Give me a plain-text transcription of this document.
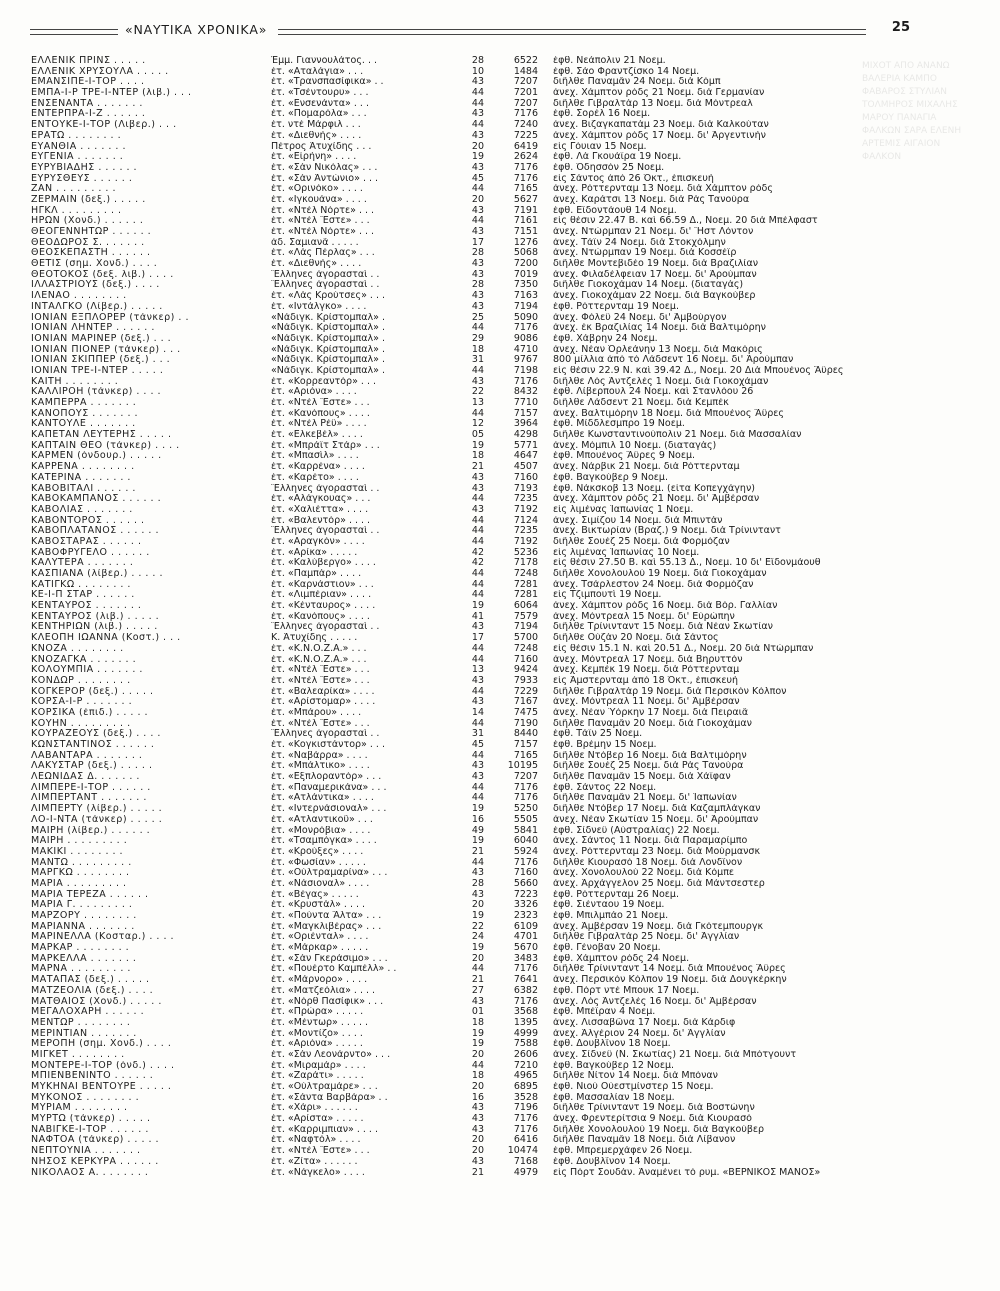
«ΝΑΥΤΙΚΑ ΧΡΟΝΙΚΑ»	25
ΜΙΧΟΤ ΑΠΟ ΑΝΑΝΩ ΒΑΛΕΡΙΑ ΚΑΜΠΟ ΦΑΒΑΡΟΣ ΣΤΥΛΙΑΝ ΤΟΛΜΗΡΟΣ ΜΙΧΑΛΗΣ ΜΑΡΟΥ ΠΑΝΑΓΙΑ ΦΑΛΚΩΝ ΣΑΡΑ ΕΛΕΝΗ ΑΡΤΕΜΙΣ ΑΙΓΑΙΟΝ ΦΑΛΚΟΝ
ΕΛΛΕΝΙΚ ΠΡΙΝΣ . . . . .	Έμμ. Γιαννουλάτος. . .	28	6522 ἐφθ. Νεάπολιν 21 Νοεμ.
ΕΛΛΕΝΙΚ ΧΡΥΣΟΥΛΑ . . . . .	ἐτ. «Αταλάγια» . . .	10	1484 ἐφθ. Σάο Φραντζίσκο 14 Νοεμ.
ΕΜΑΝΣΙΠΕ-Ι-ΤΟΡ . . . .	ἐτ. «Τρανσπασίφικα» . .	43	7207 διῆλθε Παναμᾶν 24 Νοεμ. διὰ Κὸμπ
ΕΜΠΑ-Ι-Ρ ΤΡΕ-Ι-ΝΤΕΡ (λιβ.) . . .	ἐτ. «Τσέντουρυ» . . .	44	7201 ἀνεχ. Χάμπτον ρὸδς 21 Νοεμ. διὰ Γερμανίαν
ΕΝΣΕΝΑΝΤΑ . . . . . . .	ἐτ. «Ενσενάντα» . . .	44	7207 διῆλθε Γιβραλτὰρ 13 Νοεμ. διὰ Μόντρεαλ
ΕΝΤΕΡΠΡΑ-Ι-Ζ . . . . . .	ἐτ. «Πομαρόλα» . . .	43	7176 ἐφθ. Σορέλ 16 Νοεμ.
ΕΝΤΟΥΚΕ-Ι-ΤΟΡ (Λιβερ.) . . .	ἐτ. ντὲ Μάρφιλ . . .	44	7240 ἀνεχ. Βιζαγκαπατὰμ 23 Νοεμ. διὰ Καλκούταν
ΕΡΑΤΩ . . . . . . . .	ἐτ. «Διεθνής» . . . .	43	7225 ἀνεχ. Χάμπτον ρὸδς 17 Νοεμ. δι' Ἀργεντινὴν
ΕΥΑΝΘΙΑ . . . . . . .	Πέτρος Ἀτυχίδης . . .	20	6419 εἰς Γόυιαν 15 Νοεμ.
ΕΥΓΕΝΙΑ . . . . . . .	ἐτ. «Εἰρήνη» . . . .	19	2624 ἐφθ. Λὰ Γκουάϊρα 19 Νοεμ.
ΕΥΡΥΒΙΑΔΗΣ . . . . . .	ἐτ. «Σὰν Νικόλας» . . .	43	7176 ἐφθ. Ὀδησσὸν 25 Νοεμ.
ΕΥΡΥΣΘΕΥΣ . . . . . .	ἐτ. «Σὰν Ἀντώνιο» . . .	45	7176 εἰς Σάντος ἀπὸ 26 Ὀκτ., ἐπισκευὴ
ΖΑΝ . . . . . . . . .	ἐτ. «Ορινόκο» . . . .	44	7165 ἀνεχ. Ρόττερνταμ 13 Νοεμ. διὰ Χάμπτον ρὸδς
ΖΕΡΜΑΙΝ (δεξ.) . . . . .	ἐτ. «Ιγκουάνα» . . . .	20	5627 ἀνεχ. Καράτσι 13 Νοεμ. διὰ Ρὰς Τανούρα
ΗΓΚΛ . . . . . . . . .	ἐτ. «Ντὲλ Νόρτε» . . .	43	7191 ἐφθ. Εἴδοντάουθ 14 Νοεμ.
ΗΡΩΝ (Χονδ.) . . . . . .	ἐτ. «Ντὲλ Ἔστε» . . .	44	7161 εἰς θέσιν 22.47 Β. καὶ 66.59 Δ., Νοεμ. 20 διὰ Μπέλφαστ
ΘΕΟΓΕΝΝΗΤΩΡ . . . . . .	ἐτ. «Ντὲλ Νόρτε» . . .	43	7151 ἀνεχ. Ντώρμπαν 21 Νοεμ. δι' Ἤστ Λόντον
ΘΕΟΔΩΡΟΣ Σ. . . . . . .	ἀδ. Σαμιανᾶ . . . . .	17	1276 ἀνεχ. Τάϊν 24 Νοεμ. διὰ Στοκχόλμην
ΘΕΟΣΚΕΠΑΣΤΗ . . . . . .	ἐτ. «Λὰς Πέρλας» . . .	28	5068 ἀνεχ. Ντώρμπαν 19 Νοεμ. διὰ Κοσσέϊρ
ΘΕΤΙΣ (σημ. Χονδ.) . . . .	ἐτ. «Διεθνής» . . . .	43	7200 διῆλθε Μοντεβιδέο 19 Νοεμ. διὰ Βραζιλίαν
ΘΕΟΤΟΚΟΣ (δεξ. λιβ.) . . . .	Ἕλληνες ἀγορασταὶ . .	43	7019 ἀνεχ. Φιλαδέλφειαν 17 Νοεμ. δι' Ἀρούμπαν
ΙΛΛΑΣΤΡΙΟΥΣ (δεξ.) . . . .	Ἕλληνες ἀγορασταὶ . .	28	7350 διῆλθε Γιοκοχάμαν 14 Νοεμ. (διαταγὰς)
ΙΛΕΝΑΟ . . . . . . . .	ἐτ. «Λὰς Κρούτσες» . . .	43	7163 ἀνεχ. Γιοκοχάμαν 22 Νοεμ. διὰ Βαγκούβερ
ΙΝΤΑΛΓΚΟ (Λίβερ.) . . . . .	ἐτ. «Ιντάλγκο» . . . .	43	7194 ἐφθ. Ρόττερνταμ 19 Νοεμ.
ΙΟΝΙΑΝ ΕΞΠΛΟΡΕΡ (τάνκερ) . .	«Νάδιγκ. Κρίστομπαλ» .	25	5090 ἀνεχ. Φόλεϋ 24 Νοεμ. δι' Ἀμβούργον
ΙΟΝΙΑΝ ΛΗΝΤΕΡ . . . . . .	«Νάδιγκ. Κρίστομπαλ» .	44	7176 ἀνεχ. ἐκ Βραζιλίας 14 Νοεμ. διὰ Βαλτιμόρην
ΙΟΝΙΑΝ ΜΑΡΙΝΕΡ (δεξ.) . . .	«Νάδιγκ. Κρίστομπαλ» .	29	9086 ἐφθ. Χάβρην 24 Νοεμ.
ΙΟΝΙΑΝ ΠΙΟΝΕΡ (τάνκερ) . . .	«Νάδιγκ. Κρίστομπαλ» .	18	4710 ἀνεχ. Νέαν Ὀρλεάνην 13 Νοεμ. διὰ Μακόρις
ΙΟΝΙΑΝ ΣΚΙΠΠΕΡ (δεξ.) . . .	«Νάδιγκ. Κρίστομπαλ» .	31	9767 800 μίλλια ἀπὸ τὸ Λάδσεντ 16 Νοεμ. δι' Ἀρούμπαν
ΙΟΝΙΑΝ ΤΡΕ-Ι-ΝΤΕΡ . . . . .	«Νάδιγκ. Κρίστομπαλ» .	44	7198 εἰς θέσιν 22.9 Ν. καὶ 39.42 Δ., Νοεμ. 20 Διὰ Μπουένος Ἄϋρες
ΚΑΙΤΗ . . . . . . . .	ἐτ. «Κορρεαντὸρ» . . .	43	7176 διῆλθε Λὸς Ἀντζελὲς 1 Νοεμ. διὰ Γιοκοχάμαν
ΚΑΛΛΙΡΟΗ (τάνκερ) . . . .	ἐτ. «Αριόνα» . . . .	22	8432 ἐφθ. Λίβερπουλ 24 Νοεμ. καὶ Στανλόου 26
ΚΑΜΠΕΡΡΑ . . . . . . .	ἐτ. «Ντὲλ Ἔστε» . . .	13	7710 διῆλθε Λάδσεντ 21 Νοεμ. διὰ Κεμπὲκ
ΚΑΝΟΠΟΥΣ . . . . . . .	ἐτ. «Κανόπους» . . . .	44	7157 ἀνεχ. Βαλτιμόρην 18 Νοεμ. διὰ Μπουένος Ἄϋρες
ΚΑΝΤΟΥΛΕ . . . . . . .	ἐτ. «Ντὲλ Ρέϋ» . . . .	12	3964 ἐφθ. Μίδδλεσμπρο 19 Νοεμ.
ΚΑΠΕΤΑΝ ΛΕΥΤΕΡΗΣ . . . . .	ἐτ. «Ελκεβέλ» . . . .	05	4298 διῆλθε Κωνσταντινούπολιν 21 Νοεμ. διὰ Μασσαλίαν
ΚΑΠΤΑΙΝ ΘΕΟ (τάνκερ) . . . .	ἐτ. «Μπράϊτ Στάρ» . . .	19	5771 ἀνεχ. Μόμπιλ 10 Νοεμ. (διαταγὰς)
ΚΑΡΜΕΝ (ὀνδουρ.) . . . . .	ἐτ. «Μπασὶλ» . . . .	18	4647 ἐφθ. Μπουένος Ἄϋρες 9 Νοεμ.
ΚΑΡΡΕΝΑ . . . . . . . .	ἐτ. «Καρρένα» . . . .	21	4507 ἀνεχ. Νάρβικ 21 Νοεμ. διὰ Ρόττερνταμ
ΚΑΤΕΡΙΝΑ . . . . . . .	ἐτ. «Καρέτο» . . . .	43	7160 ἐφθ. Βαγκούβερ 9 Νοεμ.
ΚΑΒΟΒΙΤΑΛΙ . . . . . .	Ἕλληνες ἀγορασταὶ . .	43	7193 ἐφθ. Νάκσκοβ 13 Νοεμ. (εἶτα Κοπεγχάγην)
ΚΑΒΟΚΑΜΠΑΝΟΣ . . . . . .	ἐτ. «Αλάγκουας» . . .	44	7235 ἀνεχ. Χάμπτον ρὸδς 21 Νοεμ. δι' Ἀμβέρσαν
ΚΑΒΟΛΙΑΣ . . . . . . .	ἐτ. «Χαλιέττα» . . . .	43	7192 εἰς λιμένας Ἰαπωνίας 1 Νοεμ.
ΚΑΒΟΝΤΟΡΟΣ . . . . . .	ἐτ. «Βαλεντὸρ» . . . .	44	7124 ἀνεχ. Σιμίζου 14 Νοεμ. διὰ Μπιντὰν
ΚΑΒΟΠΛΑΤΑΝΟΣ . . . . . .	Ἕλληνες ἀγορασταὶ . .	44	7235 ἀνεχ. Βικτωρίαν (Βραζ.) 9 Νοεμ. διὰ Τρίνινταντ
ΚΑΒΟΣΤΑΡΑΣ . . . . . .	ἐτ. «Αραγκόν» . . . .	44	7192 διῆλθε Σουὲζ 25 Νοεμ. διὰ Φορμόζαν
ΚΑΒΟΦΡΥΓΕΛΟ . . . . . .	ἐτ. «Αρίκα» . . . . .	42	5236 εἰς λιμένας Ἰαπωνίας 10 Νοεμ.
ΚΑΛΥΤΕΡΑ . . . . . . .	ἐτ. «Καλύβεργο» . . . .	42	7178 εἰς θέσιν 27.50 Β. καὶ 55.13 Δ., Νοεμ. 10 δι' Εἴδονμάουθ
ΚΑΣΠΙΑΝΑ (λίβερ.) . . . . .	ἐτ. «Παμπὰρ» . . . .	44	7248 διῆλθε Χονολουλοὺ 19 Νοεμ. διὰ Γιοκοχάμαν
ΚΑΤΙΓΚΩ . . . . . . . .	ἐτ. «Καρνάστιον» . . .	44	7281 ἀνεχ. Τσάρλεστον 24 Νοεμ. διὰ Φορμόζαν
ΚΕ-Ι-Π ΣΤΑΡ . . . . . .	ἐτ. «Λιμπέριαν» . . . .	44	7281 εἰς Τζιμπουτὶ 19 Νοεμ.
ΚΕΝΤΑΥΡΟΣ . . . . . . .	ἐτ. «Κένταυρος» . . . .	19	6064 ἀνεχ. Χάμπτον ρὸδς 16 Νοεμ. διὰ Βόρ. Γαλλίαν
ΚΕΝΤΑΥΡΟΣ (λιβ.) . . . . .	ἐτ. «Κανόπους» . . . .	41	7579 ἀνεχ. Μόντρεαλ 15 Νοεμ. δι' Εὐρώπην
ΚΕΝΤΗΡΙΩΝ (λιβ.) . . . . .	Ἕλληνες ἀγορασταὶ . .	43	7194 διῆλθε Τρίνινταντ 15 Νοεμ. διὰ Νέαν Σκωτίαν
ΚΛΕΟΠΗ ΙΩΑΝΝΑ (Κοστ.) . . .	Κ. Ἀτυχίδης . . . . .	17	5700 διῆλθε Οὐζὰν 20 Νοεμ. διὰ Σάντος
ΚΝΟΖΑ . . . . . . . .	ἐτ. «Κ.Ν.Ο.Ζ.Α.» . . .	44	7248 εἰς θέσιν 15.1 Ν. καὶ 20.51 Δ., Νοεμ. 20 διὰ Ντώρμπαν
ΚΝΟΖΑΓΚΑ . . . . . . .	ἐτ. «Κ.Ν.Ο.Ζ.Α.» . . .	44	7160 ἀνεχ. Μόντρεαλ 17 Νοεμ. διὰ Βηρυττὸν
ΚΟΛΟΥΜΠΙΑ . . . . . . .	ἐτ. «Ντὲλ Ἔστε» . . .	13	9424 ἀνεχ. Κεμπὲκ 19 Νοεμ. διὰ Ρόττερνταμ
ΚΟΝΔΩΡ . . . . . . . .	ἐτ. «Ντὲλ Ἔστε» . . .	43	7933 εἰς Ἀμστερνταμ ἀπὸ 18 Ὀκτ., ἐπισκευὴ
ΚΟΓΚΕΡΟΡ (δεξ.) . . . . .	ἐτ. «Βαλεαρίκα» . . . .	44	7229 διῆλθε Γιβραλτὰρ 19 Νοεμ. διὰ Περσικὸν Κόλπον
ΚΟΡΣΑ-Ι-Ρ . . . . . . .	ἐτ. «Αρίστομαρ» . . . .	43	7167 ἀνεχ. Μόντρεαλ 11 Νοεμ. δι' Ἀμβέρσαν
ΚΟΡΣΙΚΑ (ἐπιδ.) . . . . .	ἐτ. «Μπάρου» . . . .	14	7475 ἀνεχ. Νέαν Ὑόρκην 17 Νοεμ. διὰ Πειραιᾶ
ΚΟΥΗΝ . . . . . . . . .	ἐτ. «Ντὲλ Ἔστε» . . .	44	7190 διῆλθε Παναμᾶν 20 Νοεμ. διὰ Γιοκοχάμαν
ΚΟΥΡΑΖΕΟΥΣ (δεξ.) . . . .	Ἕλληνες ἀγορασταὶ . .	31	8440 ἐφθ. Τάϊν 25 Νοεμ.
ΚΩΝΣΤΑΝΤΙΝΟΣ . . . . . .	ἐτ. «Κογκιστάντορ» . . .	45	7157 ἐφθ. Βρέμην 15 Νοεμ.
ΛΑΒΑΝΤΑΡΑ . . . . . . .	ἐτ. «Ναβάρρα» . . . .	44	7165 διῆλθε Ντόβερ 16 Νοεμ. διὰ Βαλτιμόρην
ΛΑΚΥΣΤΑΡ (δεξ.) . . . . .	ἐτ. «Μπάλτικο» . . . .	43	10195 διῆλθε Σουὲζ 25 Νοεμ. διὰ Ρὰς Τανούρα
ΛΕΩΝΙΔΑΣ Δ. . . . . . .	ἐτ. «Εξπλοραντὸρ» . . .	43	7207 διῆλθε Παναμᾶν 15 Νοεμ. διὰ Χάϊφαν
ΛΙΜΠΕΡΕ-Ι-ΤΟΡ . . . . . .	ἐτ. «Παναμερικάνα» . . .	44	7176 ἐφθ. Σάντος 22 Νοεμ.
ΛΙΜΠΕΡΤΑΝΤ . . . . . . .	ἐτ. «Ατλάντικα» . . . .	44	7176 διῆλθε Παναμᾶν 21 Νοεμ. δι' Ἰαπωνίαν
ΛΙΜΠΕΡΤΥ (λίβερ.) . . . . .	ἐτ. «Ιντερνάσιοναλ» . . .	19	5250 διῆλθε Ντόβερ 17 Νοεμ. διὰ Καζαμπλάγκαν
ΛΟ-Ι-ΝΤΑ (τάνκερ) . . . . .	ἐτ. «Ατλαντικοῦ» . . .	16	5505 ἀνεχ. Νέαν Σκωτίαν 15 Νοεμ. δι' Ἀρούμπαν
ΜΑΙΡΗ (λίβερ.) . . . . . .	ἐτ. «Μονρόβια» . . . .	49	5841 ἐφθ. Σίδνεϋ (Αὐστραλίας) 22 Νοεμ.
ΜΑΙΡΗ . . . . . . . . .	ἐτ. «Τσαμπόγκα» . . . .	19	6040 ἀνεχ. Σάντος 11 Νοεμ. διὰ Παραμαρίμπο
ΜΑΚΙΚΙ . . . . . . . .	ἐτ. «Κρούξες» . . . .	21	5924 ἀνεχ. Ρόττερνταμ 23 Νοεμ. διὰ Μούρμανσκ
ΜΑΝΤΩ . . . . . . . . .	ἐτ. «Φωσίαν» . . . . .	44	7176 διῆλθε Κιουρασὸ 18 Νοεμ. διὰ Λονδῖνον
ΜΑΡΓΚΩ . . . . . . . .	ἐτ. «Οὐλτραμαρίνα» . . .	43	7160 ἀνεχ. Χονολουλοὺ 22 Νοεμ. διὰ Κόμπε
ΜΑΡΙΑ . . . . . . . . .	ἐτ. «Νάσιοναλ» . . . .	28	5660 ἀνεχ. Ἀρχάγγελον 25 Νοεμ. διὰ Μάντσεστερ
ΜΑΡΙΑ ΤΕΡΕΖΑ . . . . . .	ἐτ. «Βέγας» . . . . .	43	7223 ἐφθ. Ρόττερνταμ 26 Νοεμ.
ΜΑΡΙΑ Γ. . . . . . . . .	ἐτ. «Κρυστὰλ» . . . .	20	3326 ἐφθ. Σιένταου 19 Νοεμ.
ΜΑΡΖΟΡΥ . . . . . . . .	ἐτ. «Πούντα Ἄλτα» . . .	19	2323 ἐφθ. Μπιλμπάο 21 Νοεμ.
ΜΑΡΙΑΝΝΑ . . . . . . .	ἐτ. «Μαγκλιβέρας» . . .	22	6109 ἀνεχ. Ἀμβέρσαν 19 Νοεμ. διὰ Γκότεμπουργκ
ΜΑΡΙΝΕΛΛΑ (Κοσταρ.) . . . .	ἐτ. «Οριένταλ» . . . .	24	4701 διῆλθε Γιβραλτὰρ 25 Νοεμ. δι' Ἀγγλίαν
ΜΑΡΚΑΡ . . . . . . . .	ἐτ. «Μάρκαρ» . . . . .	19	5670 ἐφθ. Γένοβαν 20 Νοεμ.
ΜΑΡΚΕΛΛΑ . . . . . . .	ἐτ. «Σὰν Γκεράσιμο» . . .	20	3483 ἐφθ. Χάμπτον ρὸδς 24 Νοεμ.
ΜΑΡΝΑ . . . . . . . . .	ἐτ. «Πουέρτο Καμπέλλ» . .	44	7176 διῆλθε Τρίνινταντ 14 Νοεμ. διὰ Μπουένος Ἄϋρες
ΜΑΤΑΠΑΣ (δεξ.) . . . . .	ἐτ. «Μάρνορο» . . . .	21	7641 ἀνεχ. Περσικὸν Κόλπον 19 Νοεμ. διὰ Δουγκέρκην
ΜΑΤΖΕΟΛΙΑ (δεξ.) . . . .	ἐτ. «Ματζεόλια» . . . .	27	6382 ἐφθ. Πὸρτ ντὲ Μπουκ 17 Νοεμ.
ΜΑΤΘΑΙΟΣ (Χονδ.) . . . . .	ἐτ. «Νὸρθ Πασίφικ» . . .	43	7176 ἀνεχ. Λὸς Ἀντζελὲς 16 Νοεμ. δι' Ἀμβέρσαν
ΜΕΓΑΛΟΧΑΡΗ . . . . . .	ἐτ. «Πρώρα» . . . . .	01	3568 ἐφθ. Μπέϊραν 4 Νοεμ.
ΜΕΝΤΩΡ . . . . . . . .	ἐτ. «Μέντωρ» . . . . .	18	1395 ἀνεχ. Λισσαβῶνα 17 Νοεμ. διὰ Κάρδιφ
ΜΕΡΙΝΤΙΑΝ . . . . . . .	ἐτ. «Μοντίζο» . . . .	19	4999 ἀνεχ. Ἀλγέριον 24 Νοεμ. δι' Ἀγγλίαν
ΜΕΡΟΠΗ (σημ. Χονδ.) . . . .	ἐτ. «Αριόνα» . . . . .	19	7588 ἐφθ. Δουβλῖνον 18 Νοεμ.
ΜΙΓΚΕΤ . . . . . . . .	ἐτ. «Σὰν Λεονάρντο» . . .	20	2606 ἀνεχ. Σίδνεϋ (Ν. Σκωτίας) 21 Νοεμ. διὰ Μπότγουντ
ΜΟΝΤΕΡΕ-Ι-ΤΟΡ (ὀνδ.) . . . .	ἐτ. «Μιραμάρ» . . . .	44	7210 ἐφθ. Βαγκούβερ 12 Νοεμ.
ΜΠΙΕΝΒΕΝΙΝΤΟ . . . . . .	ἐτ. «Ζαράτι» . . . . .	18	4965 διῆλθε Νίτον 14 Νοεμ. διὰ Μπόναν
ΜΥΚΗΝΑΙ ΒΕΝΤΟΥΡΕ . . . . .	ἐτ. «Οὐλτραμάρε» . . .	20	6895 ἐφθ. Νιοὺ Οὐεστμίνστερ 15 Νοεμ.
ΜΥΚΟΝΟΣ . . . . . . . .	ἐτ. «Σάντα Βαρβάρα» . .	16	3528 ἐφθ. Μασσαλίαν 18 Νοεμ.
ΜΥΡΙΑΜ . . . . . . . .	ἐτ. «Χάρι» . . . . . .	43	7196 διῆλθε Τρίνινταντ 19 Νοεμ. διὰ Βοστώνην
ΜΥΡΤΩ (τάνκερ) . . . . .	ἐτ. «Αρίστα» . . . . .	43	7176 ἀνεχ. Φρεντερίτσια 9 Νοεμ. διὰ Κιουρασὸ
ΝΑΒΙΓΚΕ-Ι-ΤΟΡ . . . . . .	ἐτ. «Καρριμπιαν» . . . .	43	7176 διῆλθε Χονολουλοὺ 19 Νοεμ. διὰ Βαγκούβερ
ΝΑΦΤΟΑ (τάνκερ) . . . . .	ἐτ. «Ναφτὸλ» . . . .	20	6416 διῆλθε Παναμᾶν 18 Νοεμ. διὰ Λίβανον
ΝΕΠΤΟΥΝΙΑ . . . . . . .	ἐτ. «Ντὲλ Ἔστε» . . .	20	10474 ἐφθ. Μπρεμερχάφεν 26 Νοεμ.
ΝΗΣΟΣ ΚΕΡΚΥΡΑ . . . . . .	ἐτ. «Ζίτα» . . . . . .	43	7168 ἐφθ. Δουβλῖνον 14 Νοεμ.
ΝΙΚΟΛΑΟΣ Α. . . . . . . .	ἐτ. «Νάγκελο» . . . .	21	4979 εἰς Πὸρτ Σουδὰν. Ἀναμένει τὸ ρυμ. «ΒΕΡΝΙΚΟΣ ΜΑΝΟΣ»
